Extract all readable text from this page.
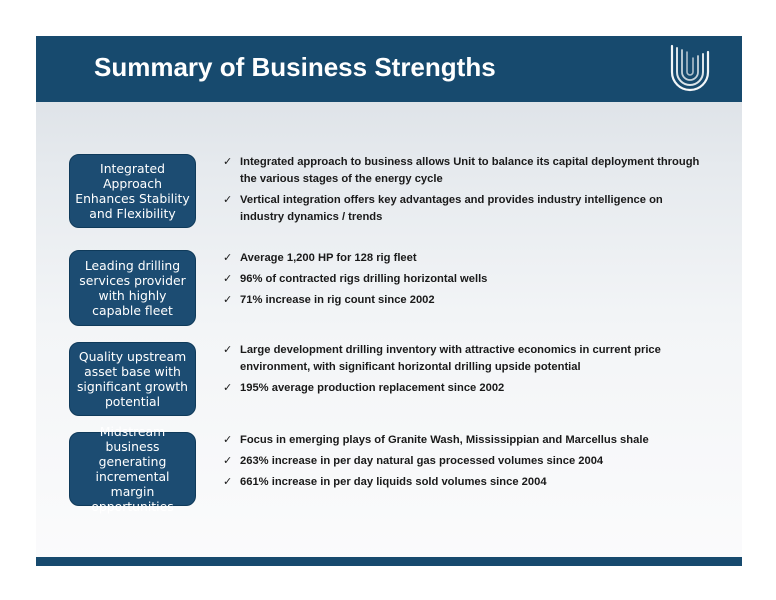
Summary of Business Strengths
Integrated Approach Enhances Stability and Flexibility
✓ Integrated approach to business allows Unit to balance its capital deployment through the various stages of the energy cycle
✓ Vertical integration offers key advantages and provides industry intelligence on industry dynamics / trends
Leading drilling services provider with highly capable fleet
✓ Average 1,200 HP for 128 rig fleet
✓ 96% of contracted rigs drilling horizontal wells
✓ 71% increase in rig count since 2002
Quality upstream asset base with significant growth potential
✓ Large development drilling inventory with attractive economics in current price environment, with significant horizontal drilling upside potential
✓ 195% average production replacement since 2002
Midstream business generating incremental margin opportunities
✓ Focus in emerging plays of Granite Wash, Mississippian and Marcellus shale
✓ 263% increase in per day natural gas processed volumes since 2004
✓ 661% increase in per day liquids sold volumes since 2004
